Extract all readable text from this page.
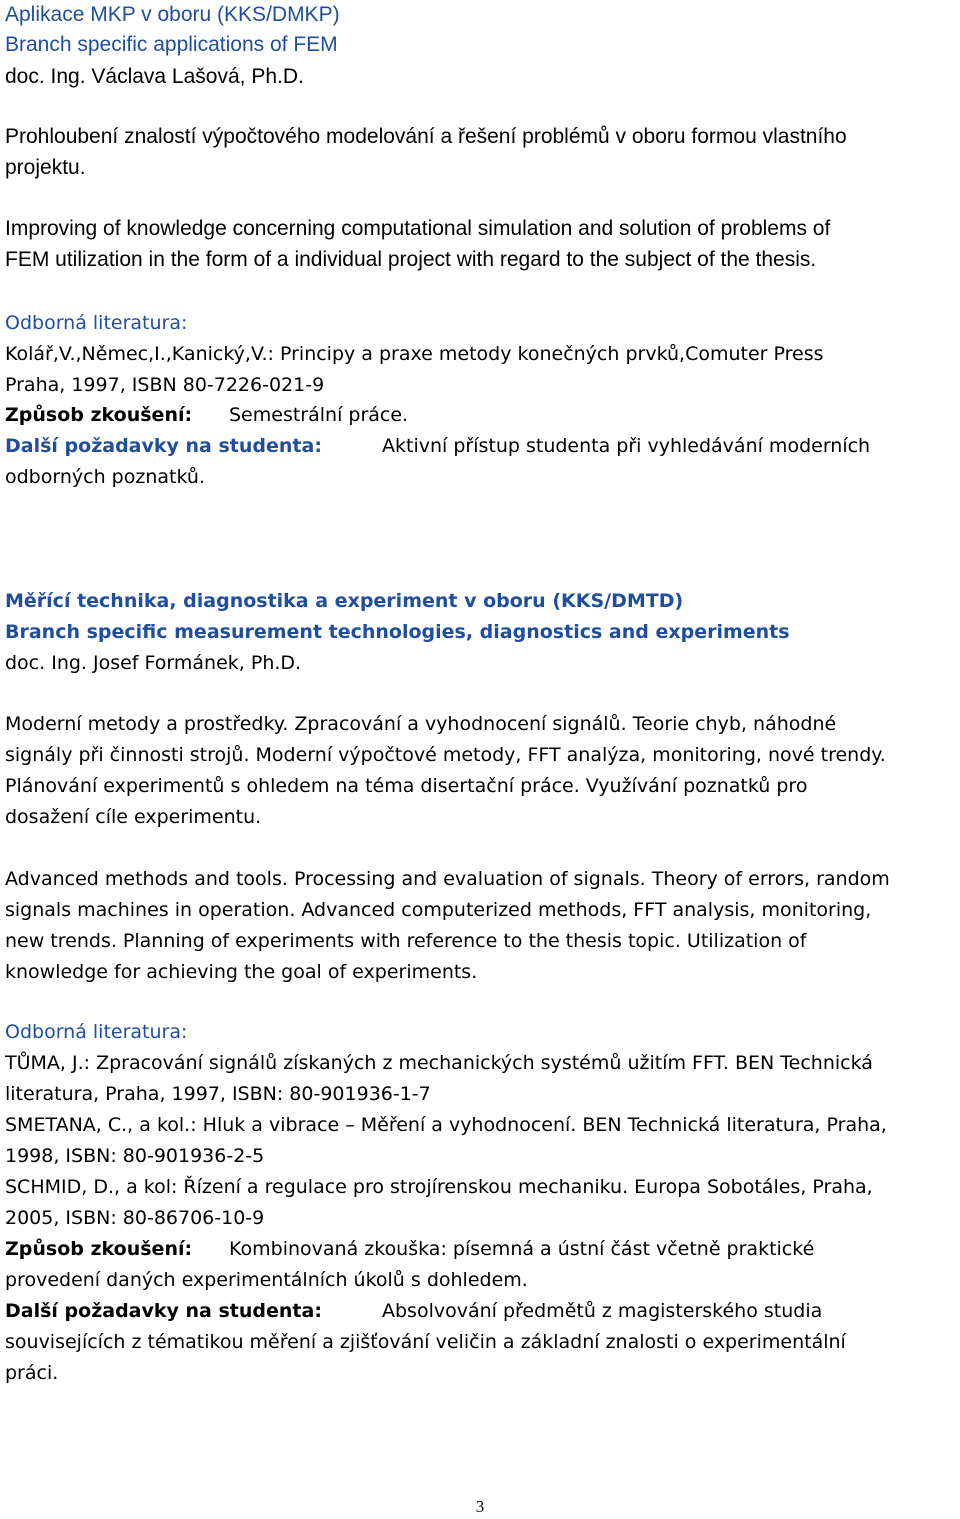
Aplikace MKP v oboru (KKS/DMKP)
Branch specific applications of FEM
doc. Ing. Václava Lašová, Ph.D.
Prohloubení znalostí výpočtového modelování a řešení problémů v oboru formou vlastního
projektu.
Improving of knowledge concerning computational simulation and solution of problems of
FEM utilization in the form of a individual project with regard to the subject of the thesis.
Odborná literatura:
Kolář,V.,Němec,I.,Kanický,V.: Principy a praxe metody konečných prvků,Comuter Press
Praha, 1997, ISBN 80-7226-021-9
Způsob zkoušení: Semestrální práce.
Další požadavky na studenta:	Aktivní přístup studenta při vyhledávání moderních
odborných poznatků.
Měřící technika, diagnostika a experiment v oboru (KKS/DMTD)
Branch specific measurement technologies, diagnostics and experiments
doc. Ing. Josef Formánek, Ph.D.
Moderní metody a prostředky. Zpracování a vyhodnocení signálů. Teorie chyb, náhodné
signály při činnosti strojů. Moderní výpočtové metody, FFT analýza, monitoring, nové trendy.
Plánování experimentů s ohledem na téma disertační práce. Využívání poznatků pro
dosažení cíle experimentu.
Advanced methods and tools. Processing and evaluation of signals. Theory of errors, random
signals machines in operation. Advanced computerized methods, FFT analysis, monitoring,
new trends. Planning of experiments with reference to the thesis topic. Utilization of
knowledge for achieving the goal of experiments.
Odborná literatura:
TŮMA, J.: Zpracování signálů získaných z mechanických systémů užitím FFT. BEN Technická
literatura, Praha, 1997, ISBN: 80-901936-1-7
SMETANA, C., a kol.: Hluk a vibrace – Měření a vyhodnocení. BEN Technická literatura, Praha,
1998, ISBN: 80-901936-2-5
SCHMID, D., a kol: Řízení a regulace pro strojírenskou mechaniku. Europa Sobotáles, Praha,
2005, ISBN: 80-86706-10-9
Způsob zkoušení: Kombinovaná zkouška: písemná a ústní část včetně praktické
provedení daných experimentálních úkolů s dohledem.
Další požadavky na studenta:	Absolvování předmětů z magisterského studia
souvisejících z tématikou měření a zjišťování veličin a základní znalosti o experimentální
práci.
3
